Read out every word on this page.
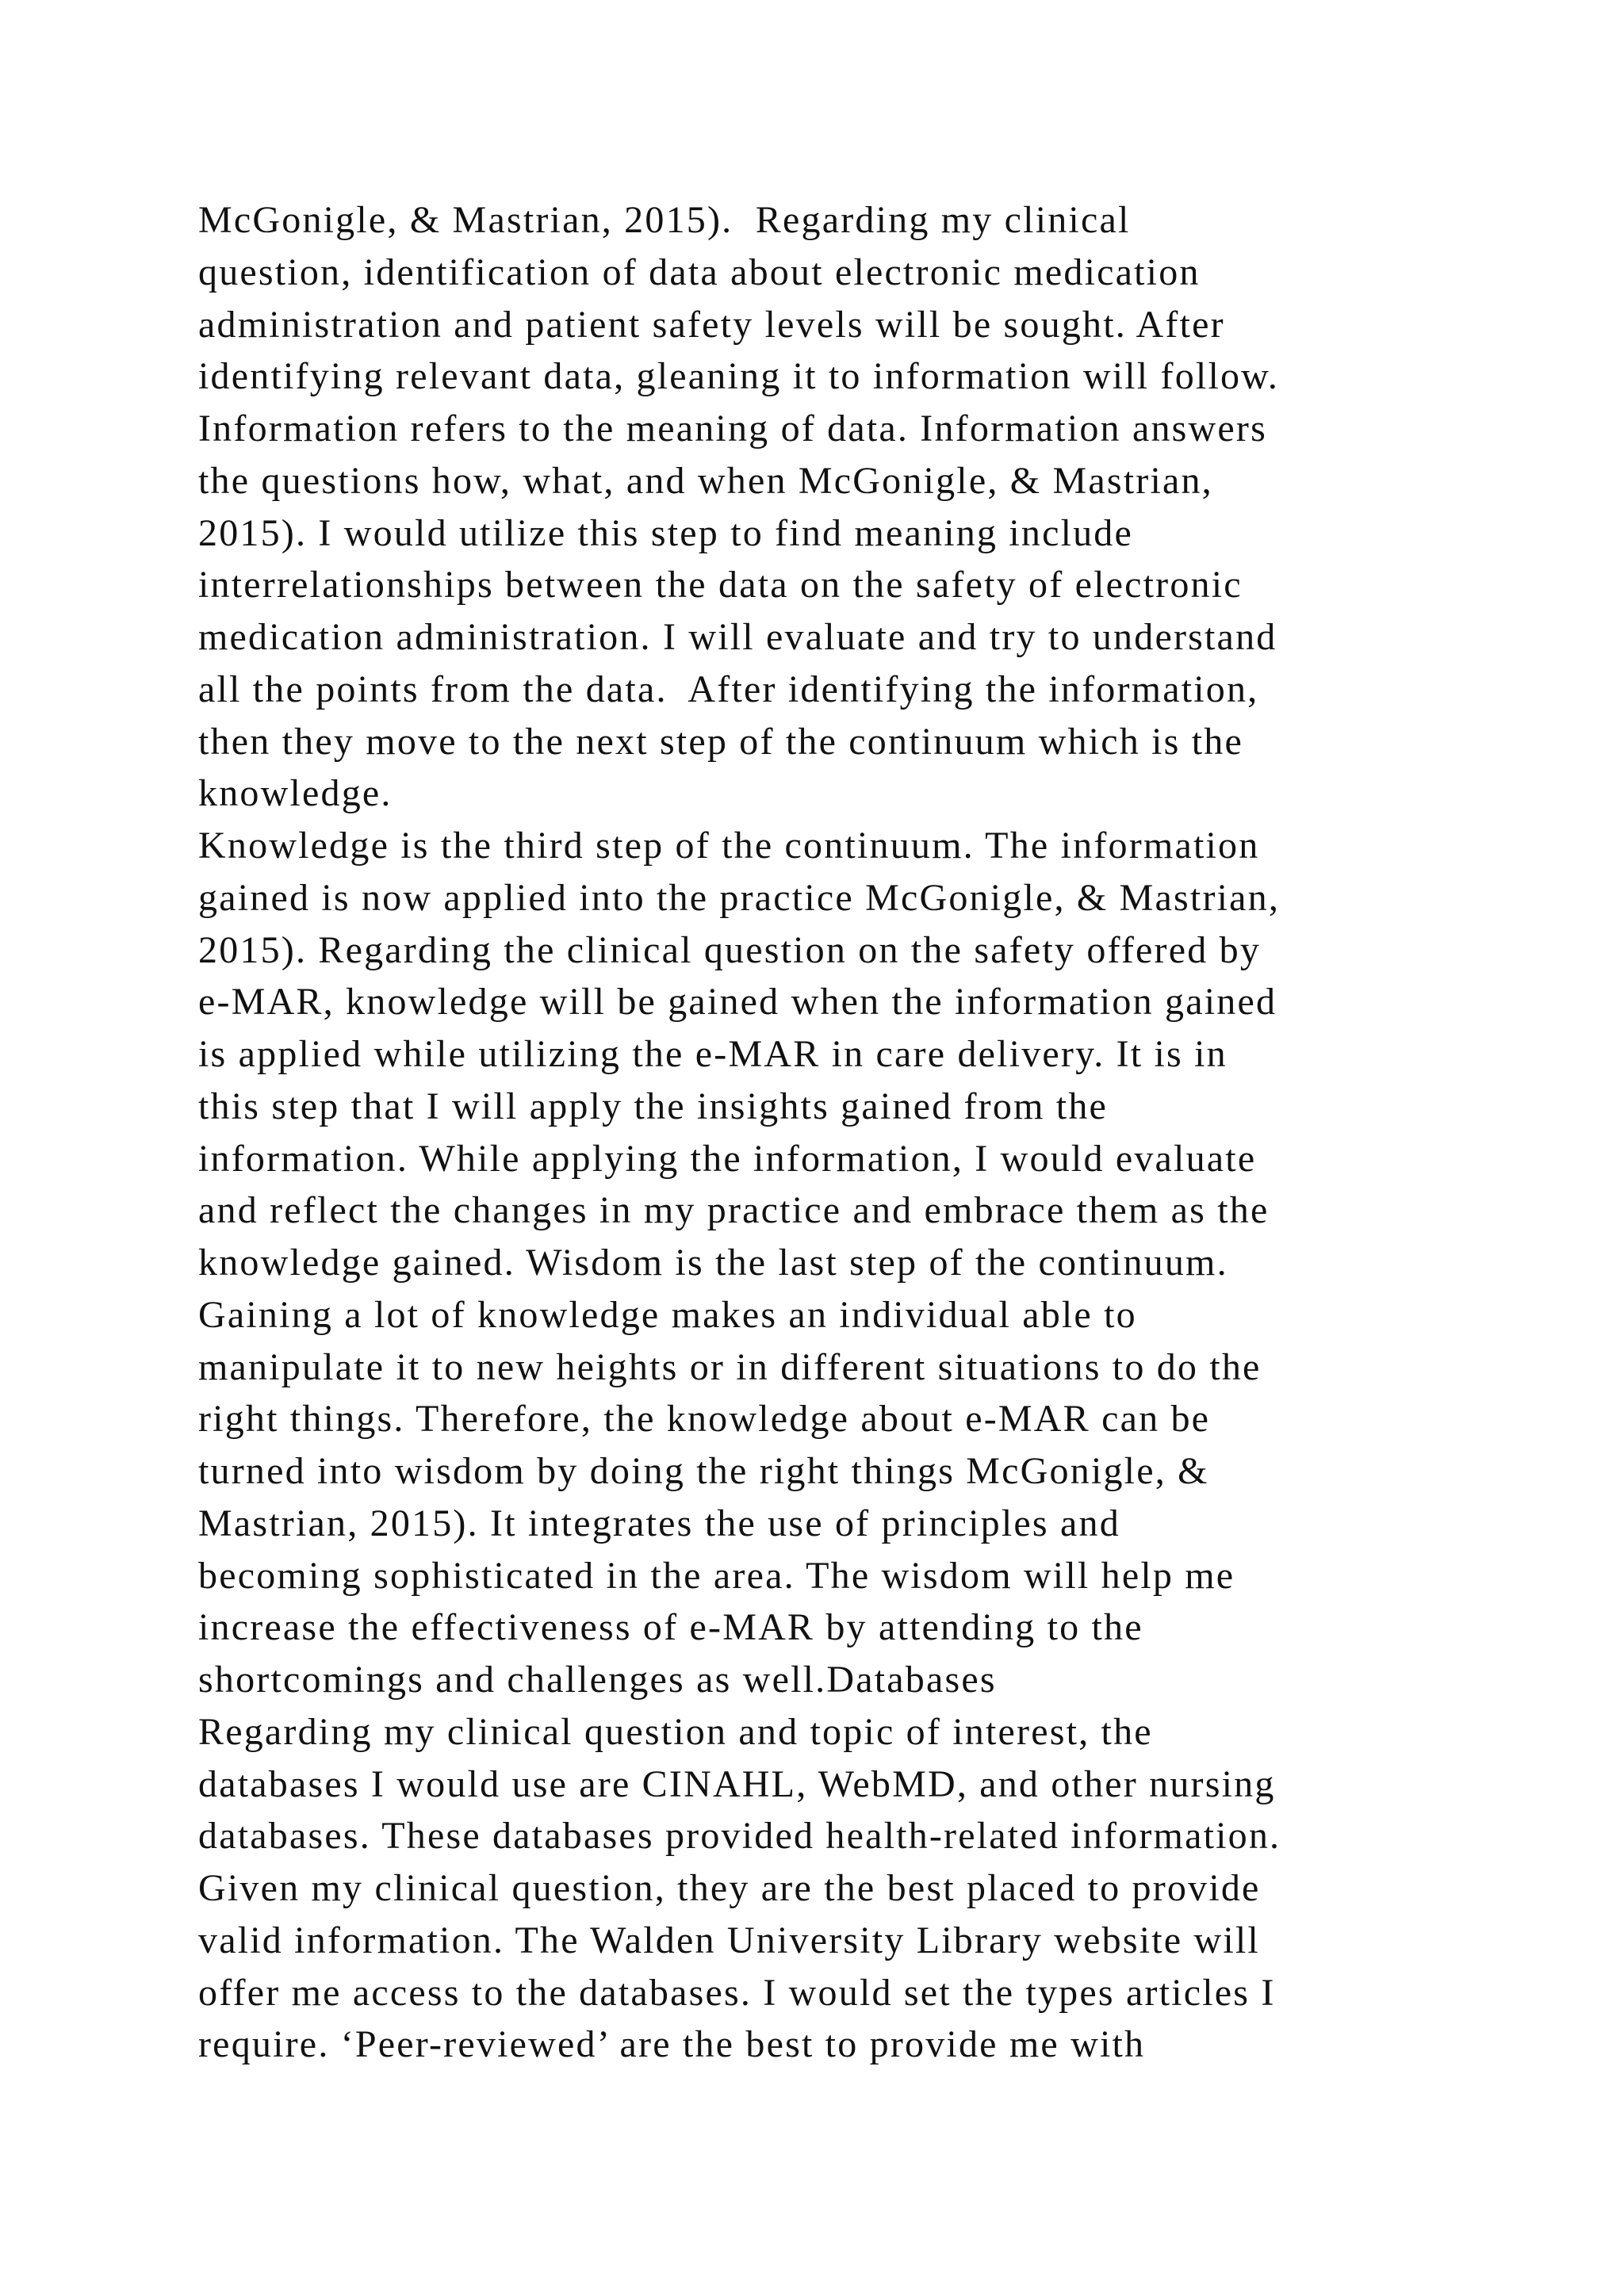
McGonigle, & Mastrian, 2015).  Regarding my clinical
question, identification of data about electronic medication
administration and patient safety levels will be sought. After
identifying relevant data, gleaning it to information will follow.
Information refers to the meaning of data. Information answers
the questions how, what, and when McGonigle, & Mastrian,
2015). I would utilize this step to find meaning include
interrelationships between the data on the safety of electronic
medication administration. I will evaluate and try to understand
all the points from the data.  After identifying the information,
then they move to the next step of the continuum which is the
knowledge.
Knowledge is the third step of the continuum. The information
gained is now applied into the practice McGonigle, & Mastrian,
2015). Regarding the clinical question on the safety offered by
e-MAR, knowledge will be gained when the information gained
is applied while utilizing the e-MAR in care delivery. It is in
this step that I will apply the insights gained from the
information. While applying the information, I would evaluate
and reflect the changes in my practice and embrace them as the
knowledge gained. Wisdom is the last step of the continuum.
Gaining a lot of knowledge makes an individual able to
manipulate it to new heights or in different situations to do the
right things. Therefore, the knowledge about e-MAR can be
turned into wisdom by doing the right things McGonigle, &
Mastrian, 2015). It integrates the use of principles and
becoming sophisticated in the area. The wisdom will help me
increase the effectiveness of e-MAR by attending to the
shortcomings and challenges as well.Databases
Regarding my clinical question and topic of interest, the
databases I would use are CINAHL, WebMD, and other nursing
databases. These databases provided health-related information.
Given my clinical question, they are the best placed to provide
valid information. The Walden University Library website will
offer me access to the databases. I would set the types articles I
require. ‘Peer-reviewed’ are the best to provide me with
